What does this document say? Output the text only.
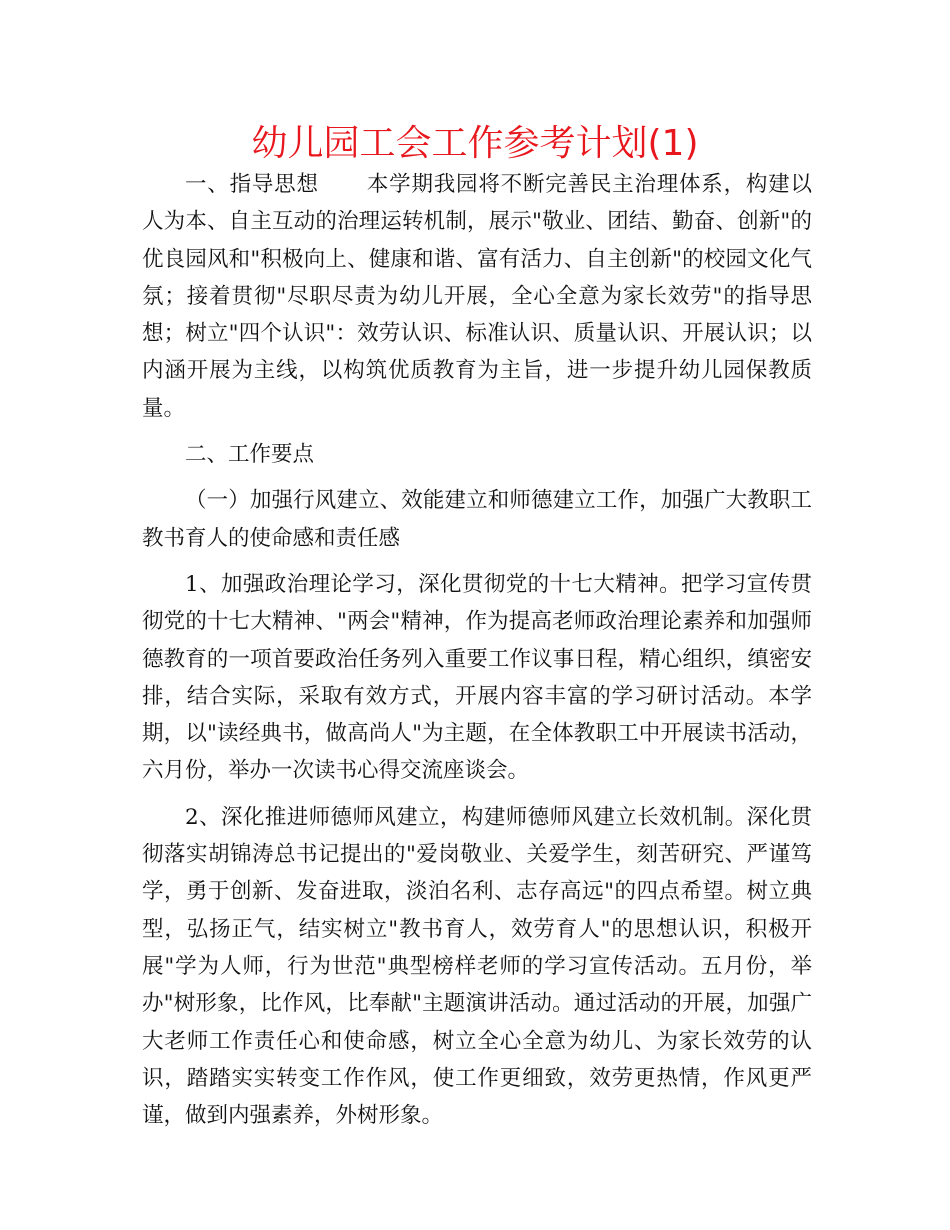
幼儿园工会工作参考计划(1)

一、指导思想 本学期我园将不断完善民主治理体系，构建以人为本、自主互动的治理运转机制，展示"敬业、团结、勤奋、创新"的优良园风和"积极向上、健康和谐、富有活力、自主创新"的校园文化气氛；接着贯彻"尽职尽责为幼儿开展，全心全意为家长效劳"的指导思想；树立"四个认识"：效劳认识、标准认识、质量认识、开展认识；以内涵开展为主线，以构筑优质教育为主旨，进一步提升幼儿园保教质量。

二、工作要点

（一）加强行风建立、效能建立和师德建立工作，加强广大教职工教书育人的使命感和责任感

1、加强政治理论学习，深化贯彻党的十七大精神。把学习宣传贯彻党的十七大精神、"两会"精神，作为提高老师政治理论素养和加强师德教育的一项首要政治任务列入重要工作议事日程，精心组织，缜密安排，结合实际，采取有效方式，开展内容丰富的学习研讨活动。本学期，以"读经典书，做高尚人"为主题，在全体教职工中开展读书活动，六月份，举办一次读书心得交流座谈会。

2、深化推进师德师风建立，构建师德师风建立长效机制。深化贯彻落实胡锦涛总书记提出的"爱岗敬业、关爱学生，刻苦研究、严谨笃学，勇于创新、发奋进取，淡泊名利、志存高远"的四点希望。树立典型，弘扬正气，结实树立"教书育人，效劳育人"的思想认识，积极开展"学为人师，行为世范"典型榜样老师的学习宣传活动。五月份，举办"树形象，比作风，比奉献"主题演讲活动。通过活动的开展，加强广大老师工作责任心和使命感，树立全心全意为幼儿、为家长效劳的认识，踏踏实实转变工作作风，使工作更细致，效劳更热情，作风更严谨，做到内强素养，外树形象。
